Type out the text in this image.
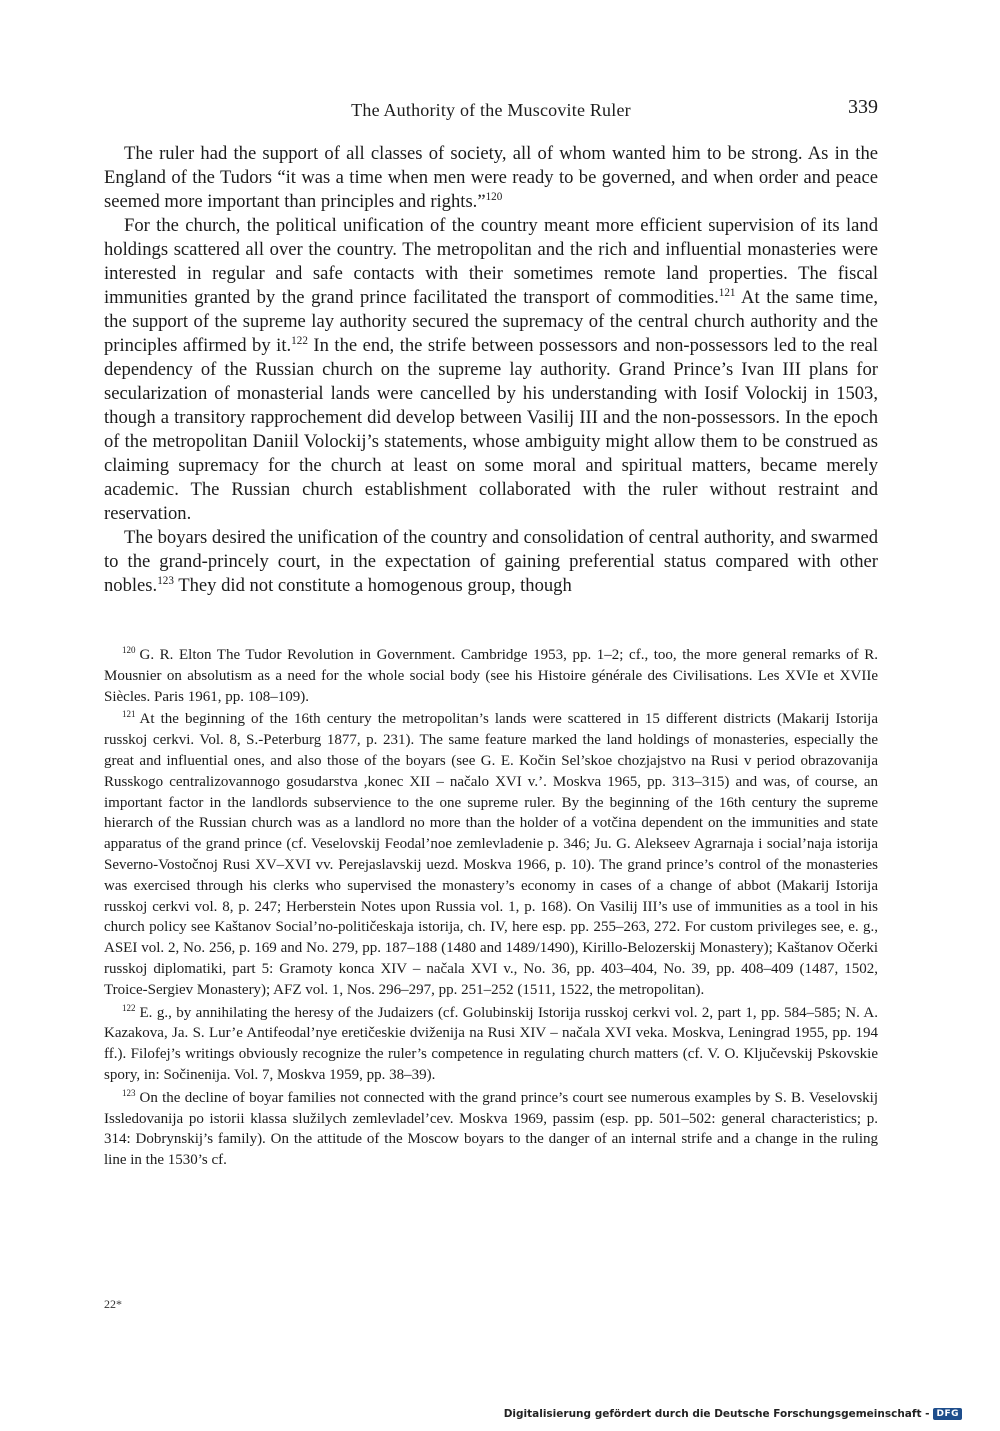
The Authority of the Muscovite Ruler	339

The ruler had the support of all classes of society, all of whom wanted him to be strong. As in the England of the Tudors “it was a time when men were ready to be governed, and when order and peace seemed more important than principles and rights.”$^{120}$

For the church, the political unification of the country meant more efficient supervision of its land holdings scattered all over the country. The metropolitan and the rich and influential monasteries were interested in regular and safe contacts with their sometimes remote land properties. The fiscal immunities granted by the grand prince facilitated the transport of commodities.$^{121}$ At the same time, the support of the supreme lay authority secured the supremacy of the central church authority and the principles affirmed by it.$^{122}$ In the end, the strife between possessors and non-possessors led to the real dependency of the Russian church on the supreme lay authority. Grand Prince’s Ivan III plans for secularization of monasterial lands were cancelled by his understanding with Iosif Volockij in 1503, though a transitory rapprochement did develop between Vasilij III and the non-possessors. In the epoch of the metropolitan Daniil Volockij’s statements, whose ambiguity might allow them to be construed as claiming supremacy for the church at least on some moral and spiritual matters, became merely academic. The Russian church establishment collaborated with the ruler without restraint and reservation.

The boyars desired the unification of the country and consolidation of central authority, and swarmed to the grand-princely court, in the expectation of gaining preferential status compared with other nobles.$^{123}$ They did not constitute a homogenous group, though

$^{120}$ G. R. Elton The Tudor Revolution in Government. Cambridge 1953, pp. 1–2; cf., too, the more general remarks of R. Mousnier on absolutism as a need for the whole social body (see his Histoire générale des Civilisations. Les XVIe et XVIIe Siècles. Paris 1961, pp. 108–109).

$^{121}$ At the beginning of the 16th century the metropolitan’s lands were scattered in 15 different districts (Makarij Istorija russkoj cerkvi. Vol. 8, S.-Peterburg 1877, p. 231). The same feature marked the land holdings of monasteries, especially the great and influential ones, and also those of the boyars (see G. E. Kočin Sel’skoe chozjajstvo na Rusi v period obrazovanija Russkogo centralizovannogo gosudarstva ,konec XII – načalo XVI v.’. Moskva 1965, pp. 313–315) and was, of course, an important factor in the landlords subservience to the one supreme ruler. By the beginning of the 16th century the supreme hierarch of the Russian church was as a landlord no more than the holder of a votčina dependent on the immunities and state apparatus of the grand prince (cf. Veselovskij Feodal’noe zemlevladenie p. 346; Ju. G. Alekseev Agrarnaja i social’naja istorija Severno-Vostočnoj Rusi XV–XVI vv. Perejaslavskij uezd. Moskva 1966, p. 10). The grand prince’s control of the monasteries was exercised through his clerks who supervised the monastery’s economy in cases of a change of abbot (Makarij Istorija russkoj cerkvi vol. 8, p. 247; Herberstein Notes upon Russia vol. 1, p. 168). On Vasilij III’s use of immunities as a tool in his church policy see Kaštanov Social’no-političeskaja istorija, ch. IV, here esp. pp. 255–263, 272. For custom privileges see, e. g., ASEI vol. 2, No. 256, p. 169 and No. 279, pp. 187–188 (1480 and 1489/1490), Kirillo-Belozerskij Monastery); Kaštanov Očerki russkoj diplomatiki, part 5: Gramoty konca XIV – načala XVI v., No. 36, pp. 403–404, No. 39, pp. 408–409 (1487, 1502, Troice-Sergiev Monastery); AFZ vol. 1, Nos. 296–297, pp. 251–252 (1511, 1522, the metropolitan).

$^{122}$ E. g., by annihilating the heresy of the Judaizers (cf. Golubinskij Istorija russkoj cerkvi vol. 2, part 1, pp. 584–585; N. A. Kazakova, Ja. S. Lur’e Antifeodal’nye eretičeskie dviženija na Rusi XIV – načala XVI veka. Moskva, Leningrad 1955, pp. 194 ff.). Filofej’s writings obviously recognize the ruler’s competence in regulating church matters (cf. V. O. Ključevskij Pskovskie spory, in: Sočinenija. Vol. 7, Moskva 1959, pp. 38–39).

$^{123}$ On the decline of boyar families not connected with the grand prince’s court see numerous examples by S. B. Veselovskij Issledovanija po istorii klassa služilych zemlevladel’cev. Moskva 1969, passim (esp. pp. 501–502: general characteristics; p. 314: Dobrynskij’s family). On the attitude of the Moscow boyars to the danger of an internal strife and a change in the ruling line in the 1530’s cf.

22*
Digitalisierung gefördert durch die Deutsche Forschungsgemeinschaft - DFG
